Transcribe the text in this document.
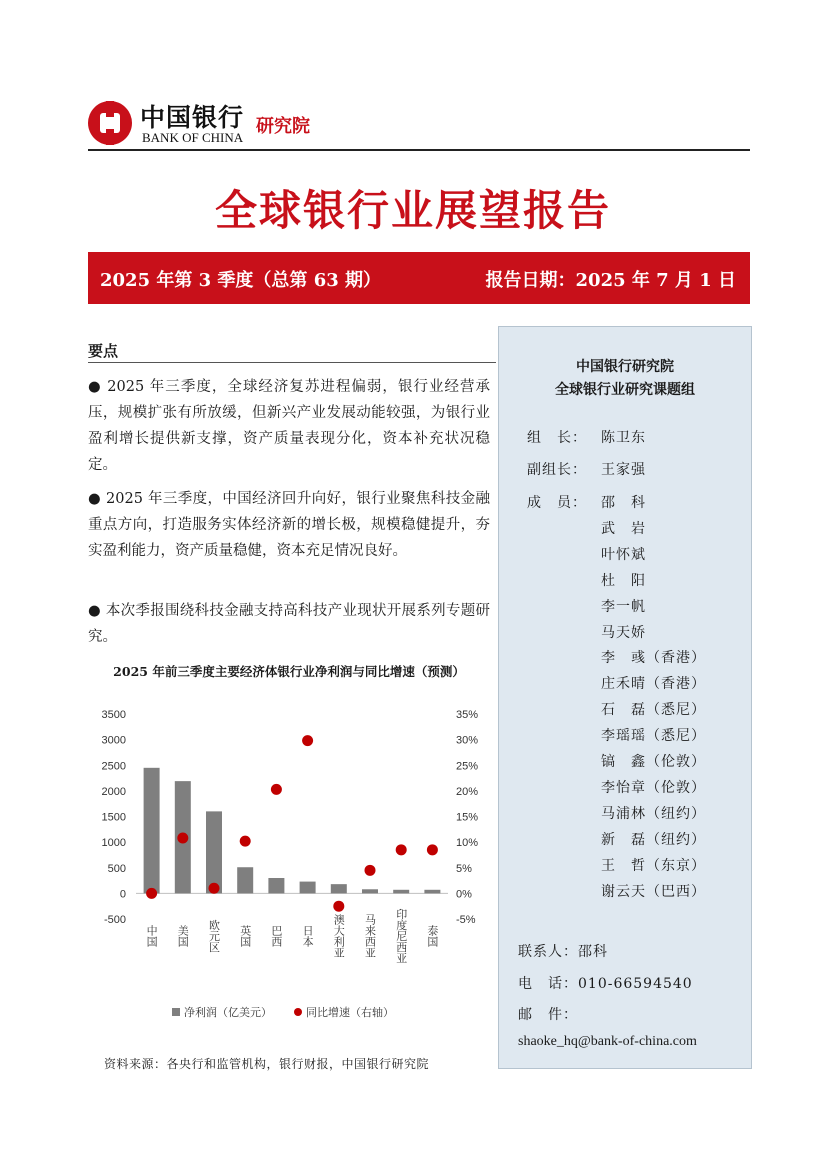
中国银行
BANK OF CHINA
研究院
全球银行业展望报告
2025 年第 3 季度（总第 63 期）	报告日期：2025 年 7 月 1 日
要点
● 2025 年三季度，全球经济复苏进程偏弱，银行业经营承压，规模扩张有所放缓，但新兴产业发展动能较强，为银行业盈利增长提供新支撑，资产质量表现分化，资本补充状况稳定。
● 2025 年三季度，中国经济回升向好，银行业聚焦科技金融重点方向，打造服务实体经济新的增长极，规模稳健提升，夯实盈利能力，资产质量稳健，资本充足情况良好。
● 本次季报围绕科技金融支持高科技产业现状开展系列专题研究。
2025 年前三季度主要经济体银行业净利润与同比增速（预测）
3500
3000
2500
2000
1500
1000
500
0
-500
35%
30%
25%
20%
15%
10%
5%
0%
-5%
中国 美国 欧元区 英国 巴西 日本 澳大利亚 马来西亚 印度尼西亚 泰国
净利润（亿美元）	同比增速（右轴）
资料来源：各央行和监管机构，银行财报，中国银行研究院
中国银行研究院
全球银行业研究课题组
组　长： 陈卫东
副组长： 王家强
成　员： 邵　科
武　岩
叶怀斌
杜　阳
李一帆
马天娇
李　彧（香港）
庄禾晴（香港）
石　磊（悉尼）
李瑶瑶（悉尼）
镐　鑫（伦敦）
李怡章（伦敦）
马浦林（纽约）
新　磊（纽约）
王　哲（东京）
谢云天（巴西）
联系人：邵科
电　话：010-66594540
邮　件：
shaoke_hq@bank-of-china.com
